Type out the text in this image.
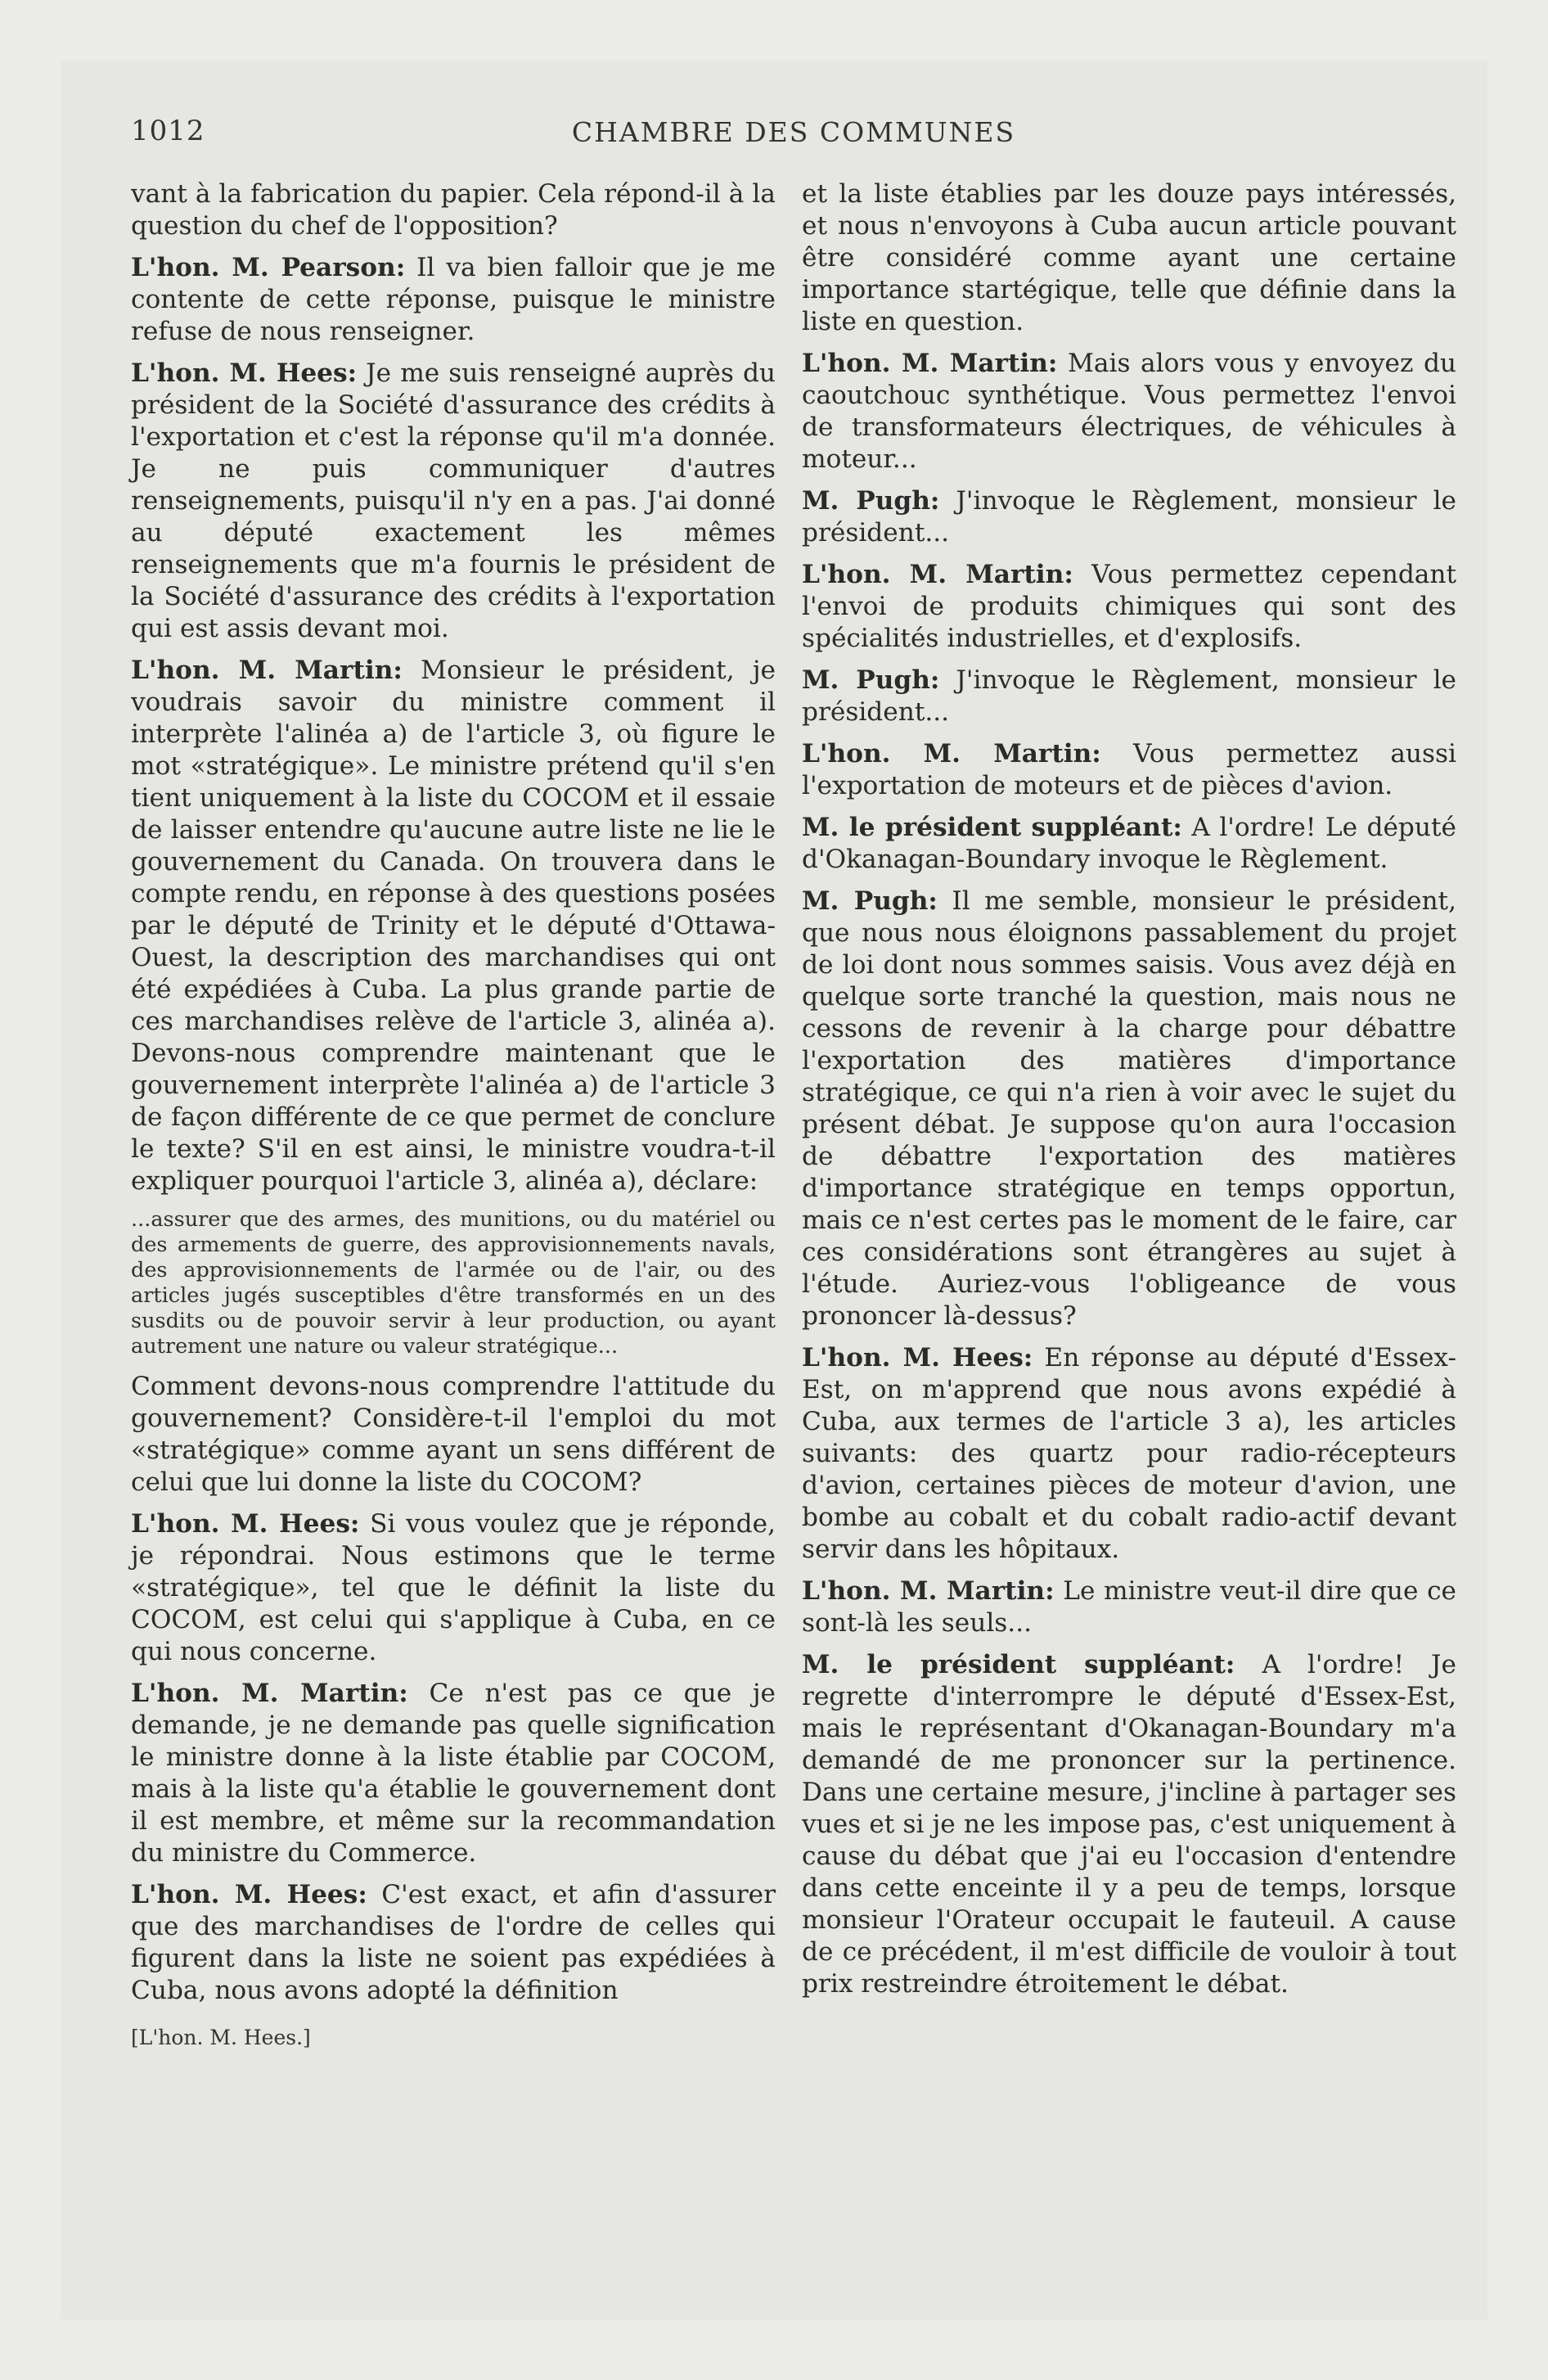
1012	CHAMBRE DES COMMUNES

vant à la fabrication du papier. Cela répond-il à la question du chef de l'opposition?

L'hon. M. Pearson: Il va bien falloir que je me contente de cette réponse, puisque le ministre refuse de nous renseigner.

L'hon. M. Hees: Je me suis renseigné auprès du président de la Société d'assurance des crédits à l'exportation et c'est la réponse qu'il m'a donnée. Je ne puis communiquer d'autres renseignements, puisqu'il n'y en a pas. J'ai donné au député exactement les mêmes renseignements que m'a fournis le président de la Société d'assurance des crédits à l'exportation qui est assis devant moi.

L'hon. M. Martin: Monsieur le président, je voudrais savoir du ministre comment il interprète l'alinéa a) de l'article 3, où figure le mot «stratégique». Le ministre prétend qu'il s'en tient uniquement à la liste du COCOM et il essaie de laisser entendre qu'aucune autre liste ne lie le gouvernement du Canada. On trouvera dans le compte rendu, en réponse à des questions posées par le député de Trinity et le député d'Ottawa-Ouest, la description des marchandises qui ont été expédiées à Cuba. La plus grande partie de ces marchandises relève de l'article 3, alinéa a). Devons-nous comprendre maintenant que le gouvernement interprète l'alinéa a) de l'article 3 de façon différente de ce que permet de conclure le texte? S'il en est ainsi, le ministre voudra-t-il expliquer pourquoi l'article 3, alinéa a), déclare:

...assurer que des armes, des munitions, ou du matériel ou des armements de guerre, des approvisionnements navals, des approvisionnements de l'armée ou de l'air, ou des articles jugés susceptibles d'être transformés en un des susdits ou de pouvoir servir à leur production, ou ayant autrement une nature ou valeur stratégique...

Comment devons-nous comprendre l'attitude du gouvernement? Considère-t-il l'emploi du mot «stratégique» comme ayant un sens différent de celui que lui donne la liste du COCOM?

L'hon. M. Hees: Si vous voulez que je réponde, je répondrai. Nous estimons que le terme «stratégique», tel que le définit la liste du COCOM, est celui qui s'applique à Cuba, en ce qui nous concerne.

L'hon. M. Martin: Ce n'est pas ce que je demande, je ne demande pas quelle signification le ministre donne à la liste établie par COCOM, mais à la liste qu'a établie le gouvernement dont il est membre, et même sur la recommandation du ministre du Commerce.

L'hon. M. Hees: C'est exact, et afin d'assurer que des marchandises de l'ordre de celles qui figurent dans la liste ne soient pas expédiées à Cuba, nous avons adopté la définition

[L'hon. M. Hees.]

et la liste établies par les douze pays intéressés, et nous n'envoyons à Cuba aucun article pouvant être considéré comme ayant une certaine importance startégique, telle que définie dans la liste en question.

L'hon. M. Martin: Mais alors vous y envoyez du caoutchouc synthétique. Vous permettez l'envoi de transformateurs électriques, de véhicules à moteur...

M. Pugh: J'invoque le Règlement, monsieur le président...

L'hon. M. Martin: Vous permettez cependant l'envoi de produits chimiques qui sont des spécialités industrielles, et d'explosifs.

M. Pugh: J'invoque le Règlement, monsieur le président...

L'hon. M. Martin: Vous permettez aussi l'exportation de moteurs et de pièces d'avion.

M. le président suppléant: A l'ordre! Le député d'Okanagan-Boundary invoque le Règlement.

M. Pugh: Il me semble, monsieur le président, que nous nous éloignons passablement du projet de loi dont nous sommes saisis. Vous avez déjà en quelque sorte tranché la question, mais nous ne cessons de revenir à la charge pour débattre l'exportation des matières d'importance stratégique, ce qui n'a rien à voir avec le sujet du présent débat. Je suppose qu'on aura l'occasion de débattre l'exportation des matières d'importance stratégique en temps opportun, mais ce n'est certes pas le moment de le faire, car ces considérations sont étrangères au sujet à l'étude. Auriez-vous l'obligeance de vous prononcer là-dessus?

L'hon. M. Hees: En réponse au député d'Essex-Est, on m'apprend que nous avons expédié à Cuba, aux termes de l'article 3 a), les articles suivants: des quartz pour radio-récepteurs d'avion, certaines pièces de moteur d'avion, une bombe au cobalt et du cobalt radio-actif devant servir dans les hôpitaux.

L'hon. M. Martin: Le ministre veut-il dire que ce sont-là les seuls...

M. le président suppléant: A l'ordre! Je regrette d'interrompre le député d'Essex-Est, mais le représentant d'Okanagan-Boundary m'a demandé de me prononcer sur la pertinence. Dans une certaine mesure, j'incline à partager ses vues et si je ne les impose pas, c'est uniquement à cause du débat que j'ai eu l'occasion d'entendre dans cette enceinte il y a peu de temps, lorsque monsieur l'Orateur occupait le fauteuil. A cause de ce précédent, il m'est difficile de vouloir à tout prix restreindre étroitement le débat.
